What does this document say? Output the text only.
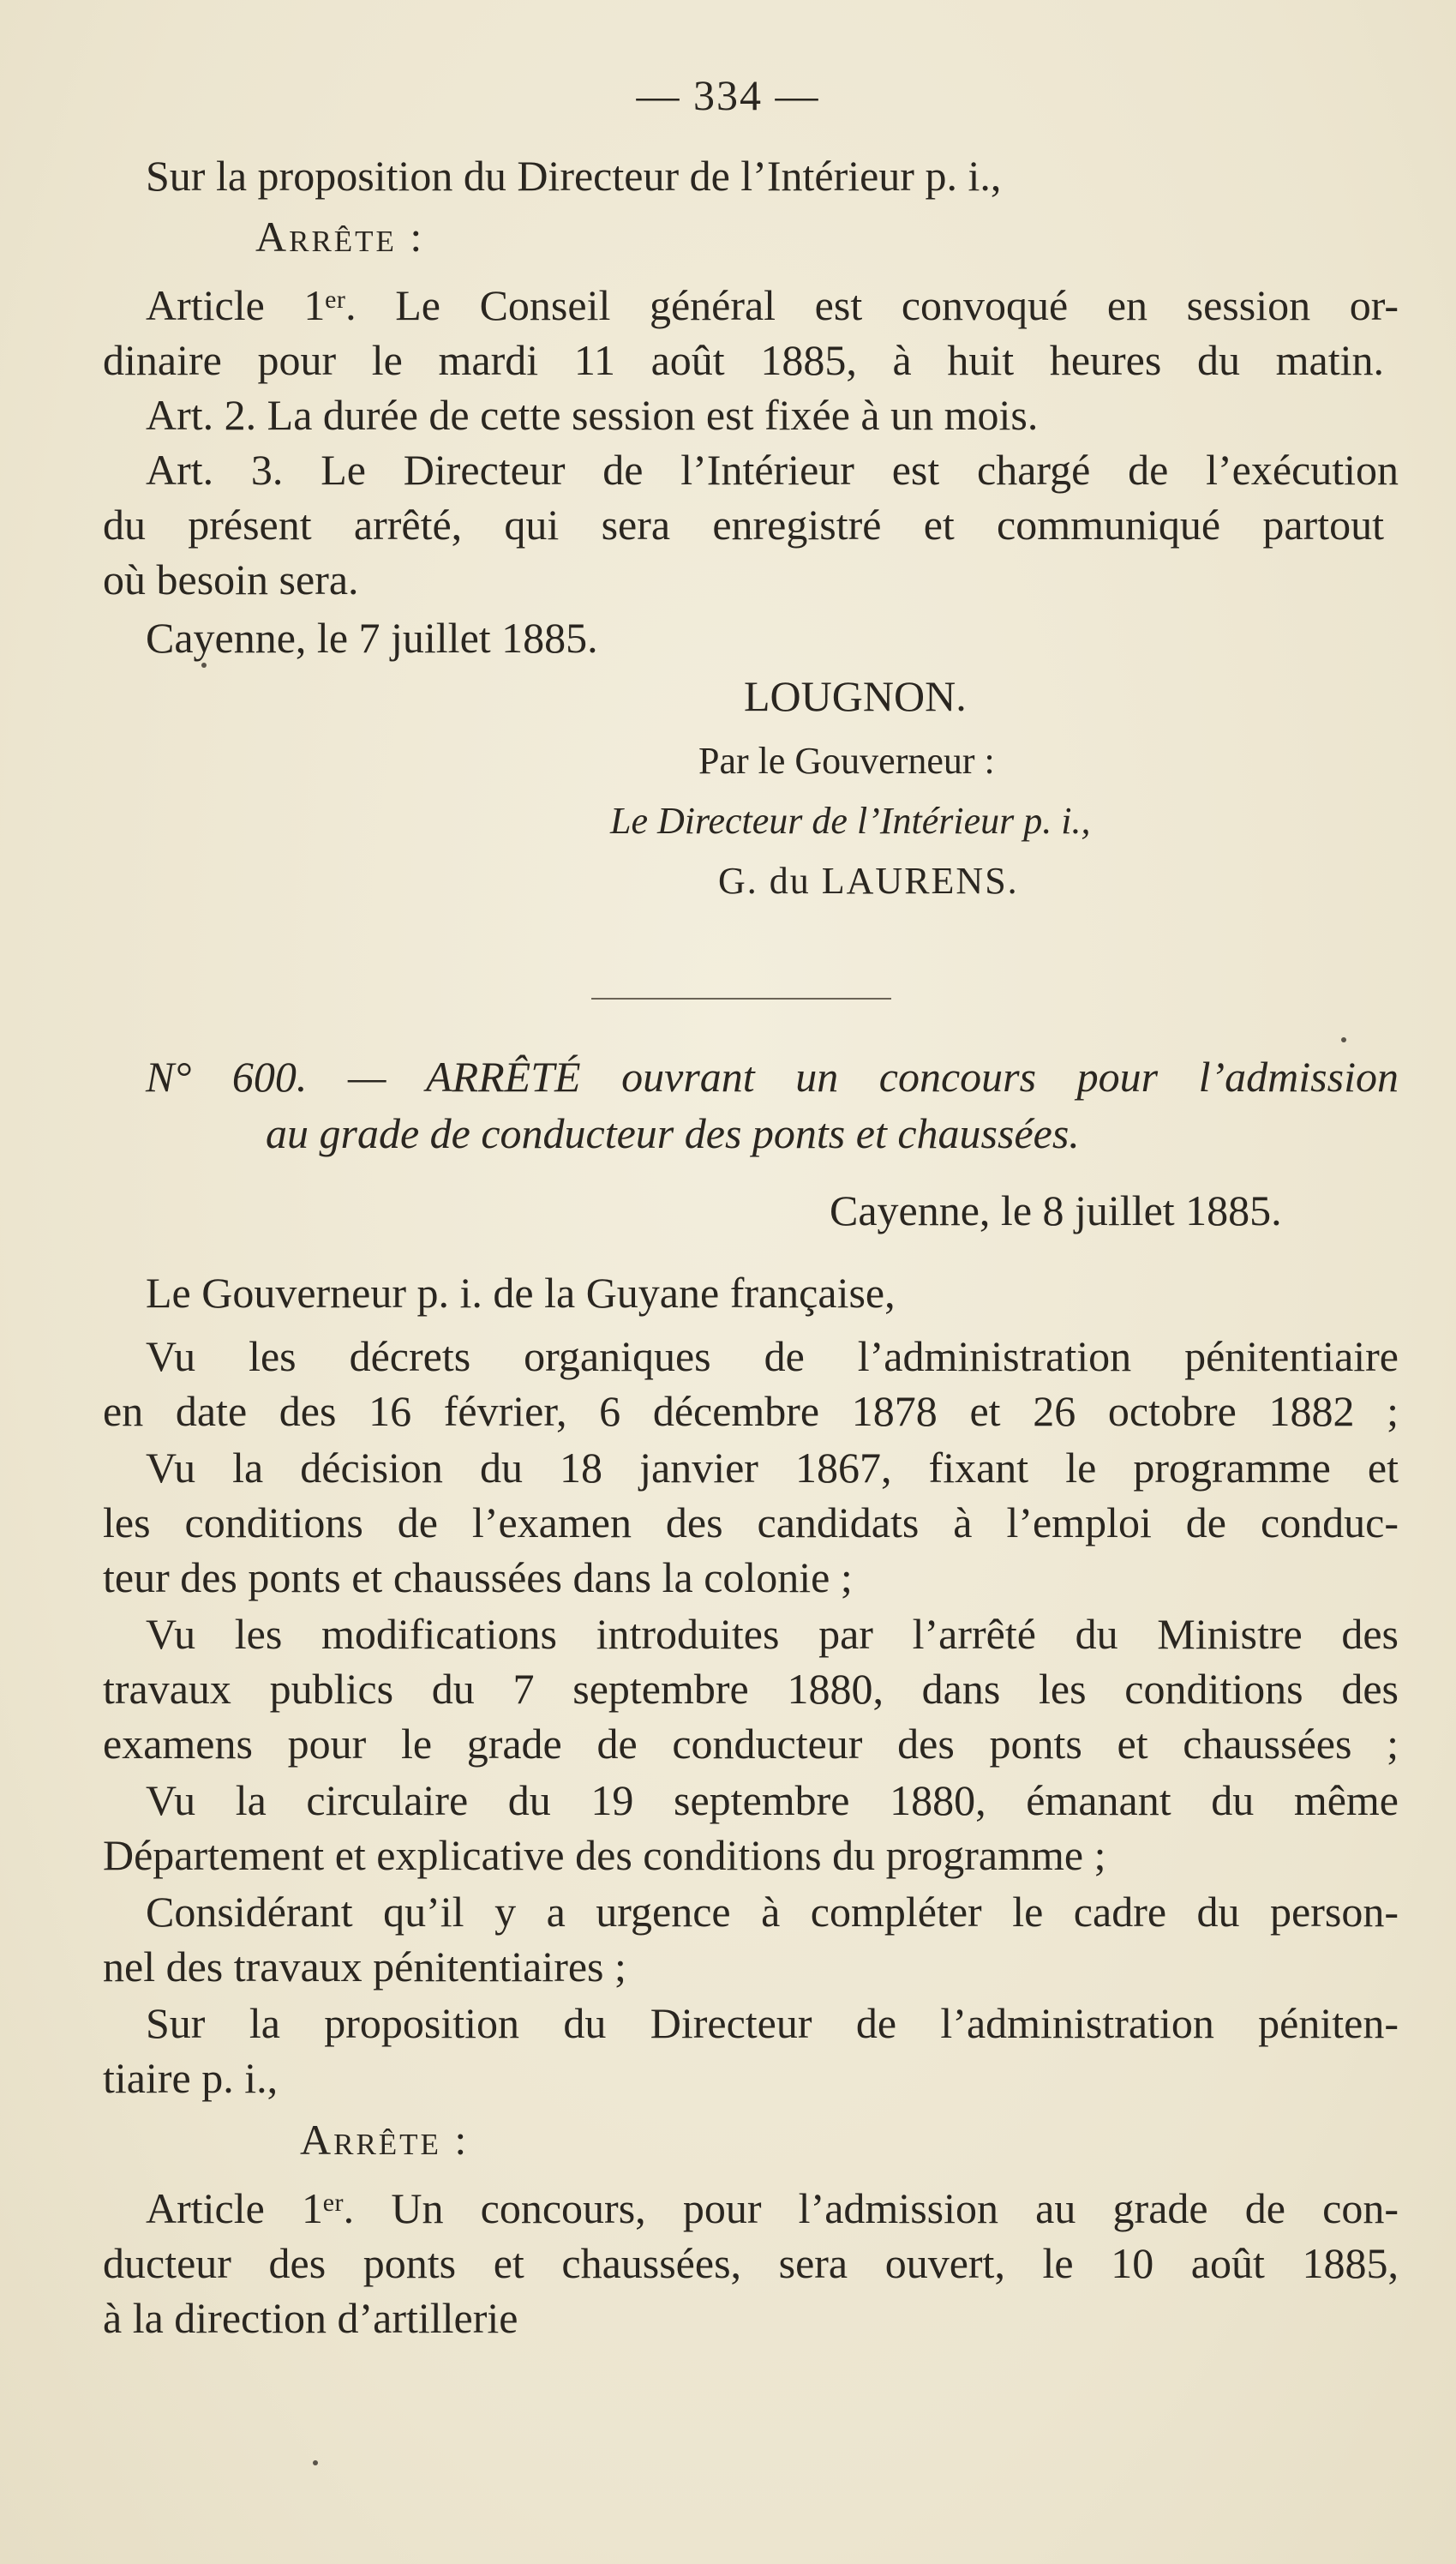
— 334 —
Sur la proposition du Directeur de l’Intérieur p. i.,
Arrête :
Article 1ᵉʳ. Le Conseil général est convoqué en session or-
dinaire pour le mardi 11 août 1885, à huit heures du matin.
Art. 2. La durée de cette session est fixée à un mois.
Art. 3. Le Directeur de l’Intérieur est chargé de l’exécution
du présent arrêté, qui sera enregistré et communiqué partout
où besoin sera.
Cayenne, le 7 juillet 1885.
LOUGNON.
Par le Gouverneur :
Le Directeur de l’Intérieur p. i.,
G. du LAURENS.
N° 600. — ARRÊTÉ ouvrant un concours pour l’admission
au grade de conducteur des ponts et chaussées.
Cayenne, le 8 juillet 1885.
Le Gouverneur p. i. de la Guyane française,
Vu les décrets organiques de l’administration pénitentiaire
en date des 16 février, 6 décembre 1878 et 26 octobre 1882 ;
Vu la décision du 18 janvier 1867, fixant le programme et
les conditions de l’examen des candidats à l’emploi de conduc-
teur des ponts et chaussées dans la colonie ;
Vu les modifications introduites par l’arrêté du Ministre des
travaux publics du 7 septembre 1880, dans les conditions des
examens pour le grade de conducteur des ponts et chaussées ;
Vu la circulaire du 19 septembre 1880, émanant du même
Département et explicative des conditions du programme ;
Considérant qu’il y a urgence à compléter le cadre du person-
nel des travaux pénitentiaires ;
Sur la proposition du Directeur de l’administration péniten-
tiaire p. i.,
Arrête :
Article 1ᵉʳ. Un concours, pour l’admission au grade de con-
ducteur des ponts et chaussées, sera ouvert, le 10 août 1885,
à la direction d’artillerie
